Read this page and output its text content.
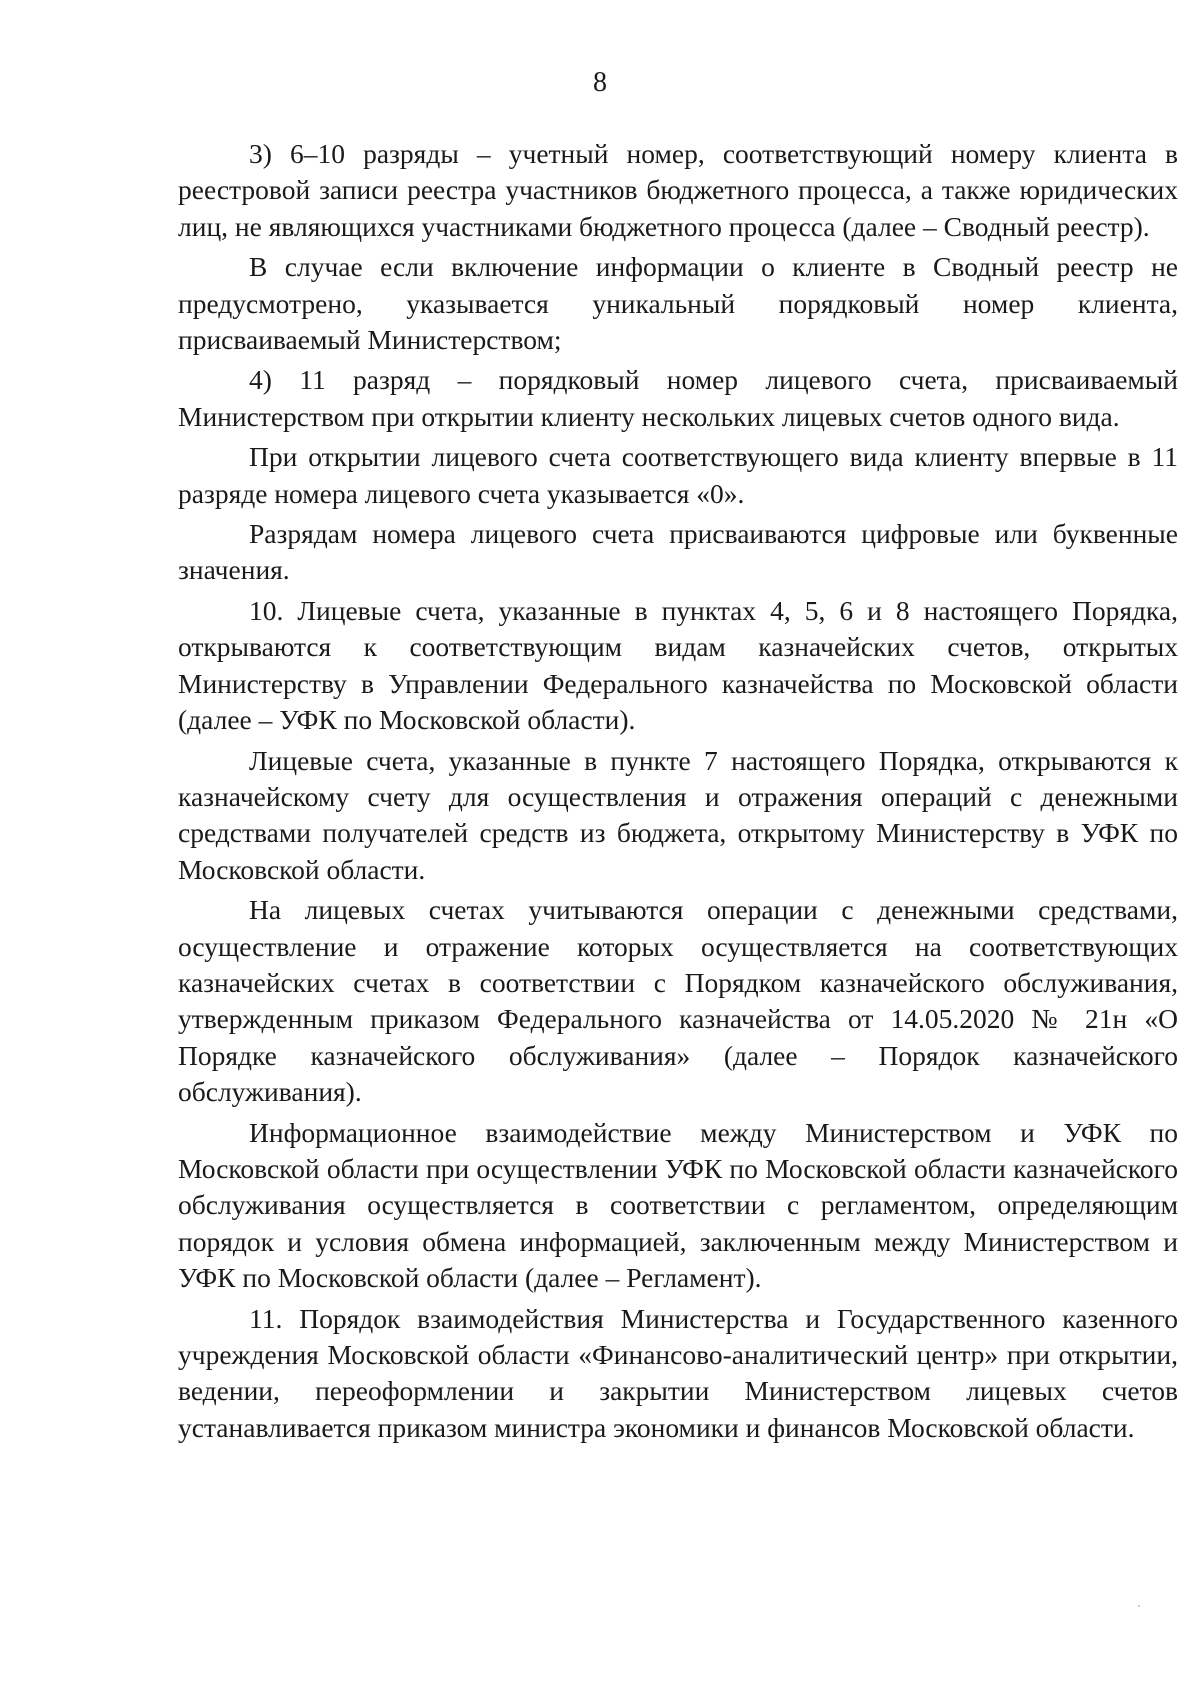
8

3) 6–10 разряды – учетный номер, соответствующий номеру клиента в реестровой записи реестра участников бюджетного процесса, а также юридических лиц, не являющихся участниками бюджетного процесса (далее – Сводный реестр).

В случае если включение информации о клиенте в Сводный реестр не предусмотрено, указывается уникальный порядковый номер клиента, присваиваемый Министерством;

4) 11 разряд – порядковый номер лицевого счета, присваиваемый Министерством при открытии клиенту нескольких лицевых счетов одного вида.

При открытии лицевого счета соответствующего вида клиенту впервые в 11 разряде номера лицевого счета указывается «0».

Разрядам номера лицевого счета присваиваются цифровые или буквенные значения.

10. Лицевые счета, указанные в пунктах 4, 5, 6 и 8 настоящего Порядка, открываются к соответствующим видам казначейских счетов, открытых Министерству в Управлении Федерального казначейства по Московской области (далее – УФК по Московской области).

Лицевые счета, указанные в пункте 7 настоящего Порядка, открываются к казначейскому счету для осуществления и отражения операций с денежными средствами получателей средств из бюджета, открытому Министерству в УФК по Московской области.

На лицевых счетах учитываются операции с денежными средствами, осуществление и отражение которых осуществляется на соответствующих казначейских счетах в соответствии с Порядком казначейского обслуживания, утвержденным приказом Федерального казначейства от 14.05.2020 № 21н «О Порядке казначейского обслуживания» (далее – Порядок казначейского обслуживания).

Информационное взаимодействие между Министерством и УФК по Московской области при осуществлении УФК по Московской области казначейского обслуживания осуществляется в соответствии с регламентом, определяющим порядок и условия обмена информацией, заключенным между Министерством и УФК по Московской области (далее – Регламент).

11. Порядок взаимодействия Министерства и Государственного казенного учреждения Московской области «Финансово-аналитический центр» при открытии, ведении, переоформлении и закрытии Министерством лицевых счетов устанавливается приказом министра экономики и финансов Московской области.
